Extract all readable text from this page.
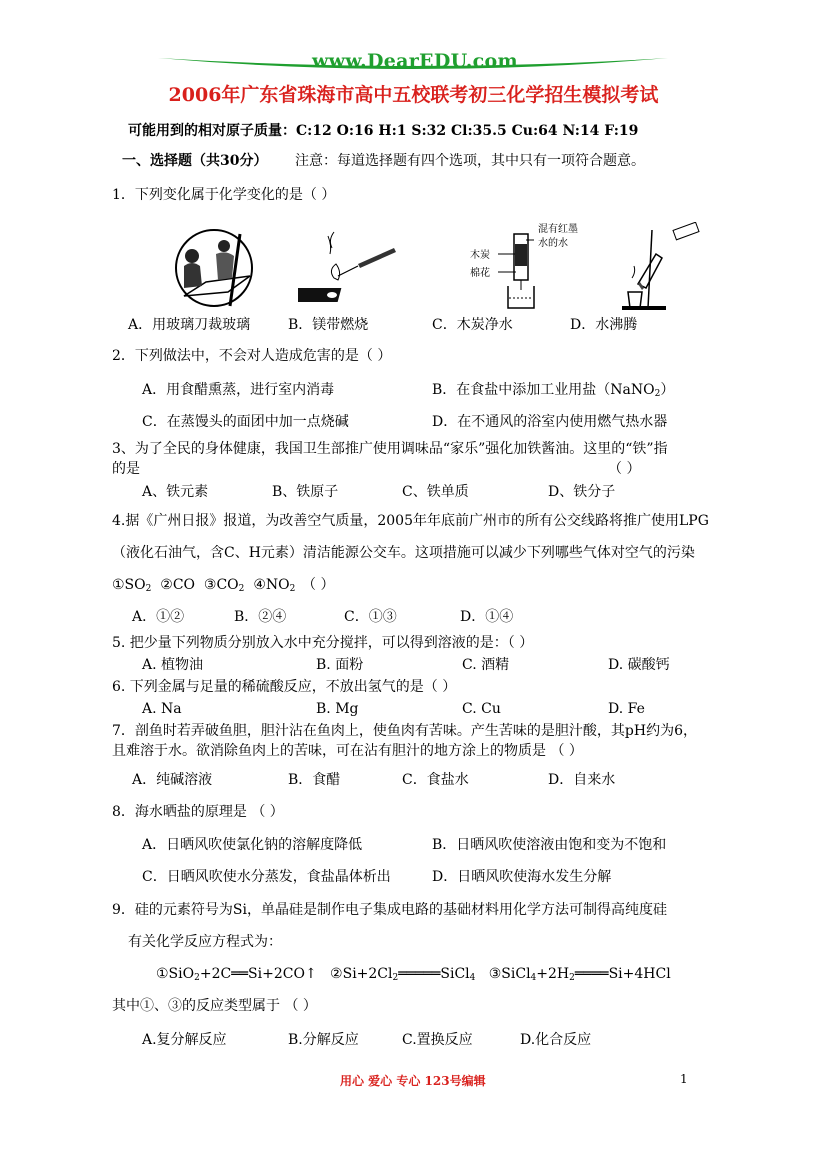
www.DearEDU.com
2006年广东省珠海市高中五校联考初三化学招生模拟考试
可能用到的相对原子质量：C:12 O:16 H:1 S:32 Cl:35.5 Cu:64 N:14 F:19
一、选择题（共30分） 注意：每道选择题有四个选项，其中只有一项符合题意。
1．下列变化属于化学变化的是（ ）
混有红墨
水的水
木炭
棉花
A．用玻璃刀裁玻璃	B．镁带燃烧	C．木炭净水	D．水沸腾
2．下列做法中，不会对人造成危害的是（ ）
A．用食醋熏蒸，进行室内消毒	B．在食盐中添加工业用盐（NaNO$_2$）
C．在蒸馒头的面团中加一点烧碱	D．在不通风的浴室内使用燃气热水器
3、为了全民的身体健康，我国卫生部推广使用调味品“家乐”强化加铁酱油。这里的“铁”指
的是	（ ）
A、铁元素	B、铁原子	C、铁单质	D、铁分子
4.据《广州日报》报道，为改善空气质量，2005年年底前广州市的所有公交线路将推广使用LPG
（液化石油气，含C、H元素）清洁能源公交车。这项措施可以减少下列哪些气体对空气的污染
$①SO_2$ ②CO $③CO_2$ $④NO_2$ （ ）
A．①②	B．②④	C．①③	D．①④
5. 把少量下列物质分别放入水中充分搅拌，可以得到溶液的是：（ ）
A. 植物油	B. 面粉	C. 酒精	D. 碳酸钙
6. 下列金属与足量的稀硫酸反应，不放出氢气的是（ ）
A. Na	B. Mg	C. Cu	D. Fe
7．剖鱼时若弄破鱼胆，胆汁沾在鱼肉上，使鱼肉有苦味。产生苦味的是胆汁酸，其pH约为6，
且难溶于水。欲消除鱼肉上的苦味，可在沾有胆汁的地方涂上的物质是 （ ）
A．纯碱溶液	B．食醋	C．食盐水	D．自来水
8．海水晒盐的原理是 （ ）
A．日晒风吹使氯化钠的溶解度降低	B．日晒风吹使溶液由饱和变为不饱和
C．日晒风吹使水分蒸发，食盐晶体析出	D．日晒风吹使海水发生分解
9．硅的元素符号为Si，单晶硅是制作电子集成电路的基础材料用化学方法可制得高纯度硅
有关化学反应方程式为：
①SiO$_2$+2C══Si+2CO↑ $②Si+2Cl_2═════SiCl_4$ $③SiCl_4+2H_2════Si+4HCl$
其中①、③的反应类型属于 （ ）
A.复分解反应	B.分解反应	C.置换反应	D.化合反应
用心 爱心 专心 123号编辑	1
